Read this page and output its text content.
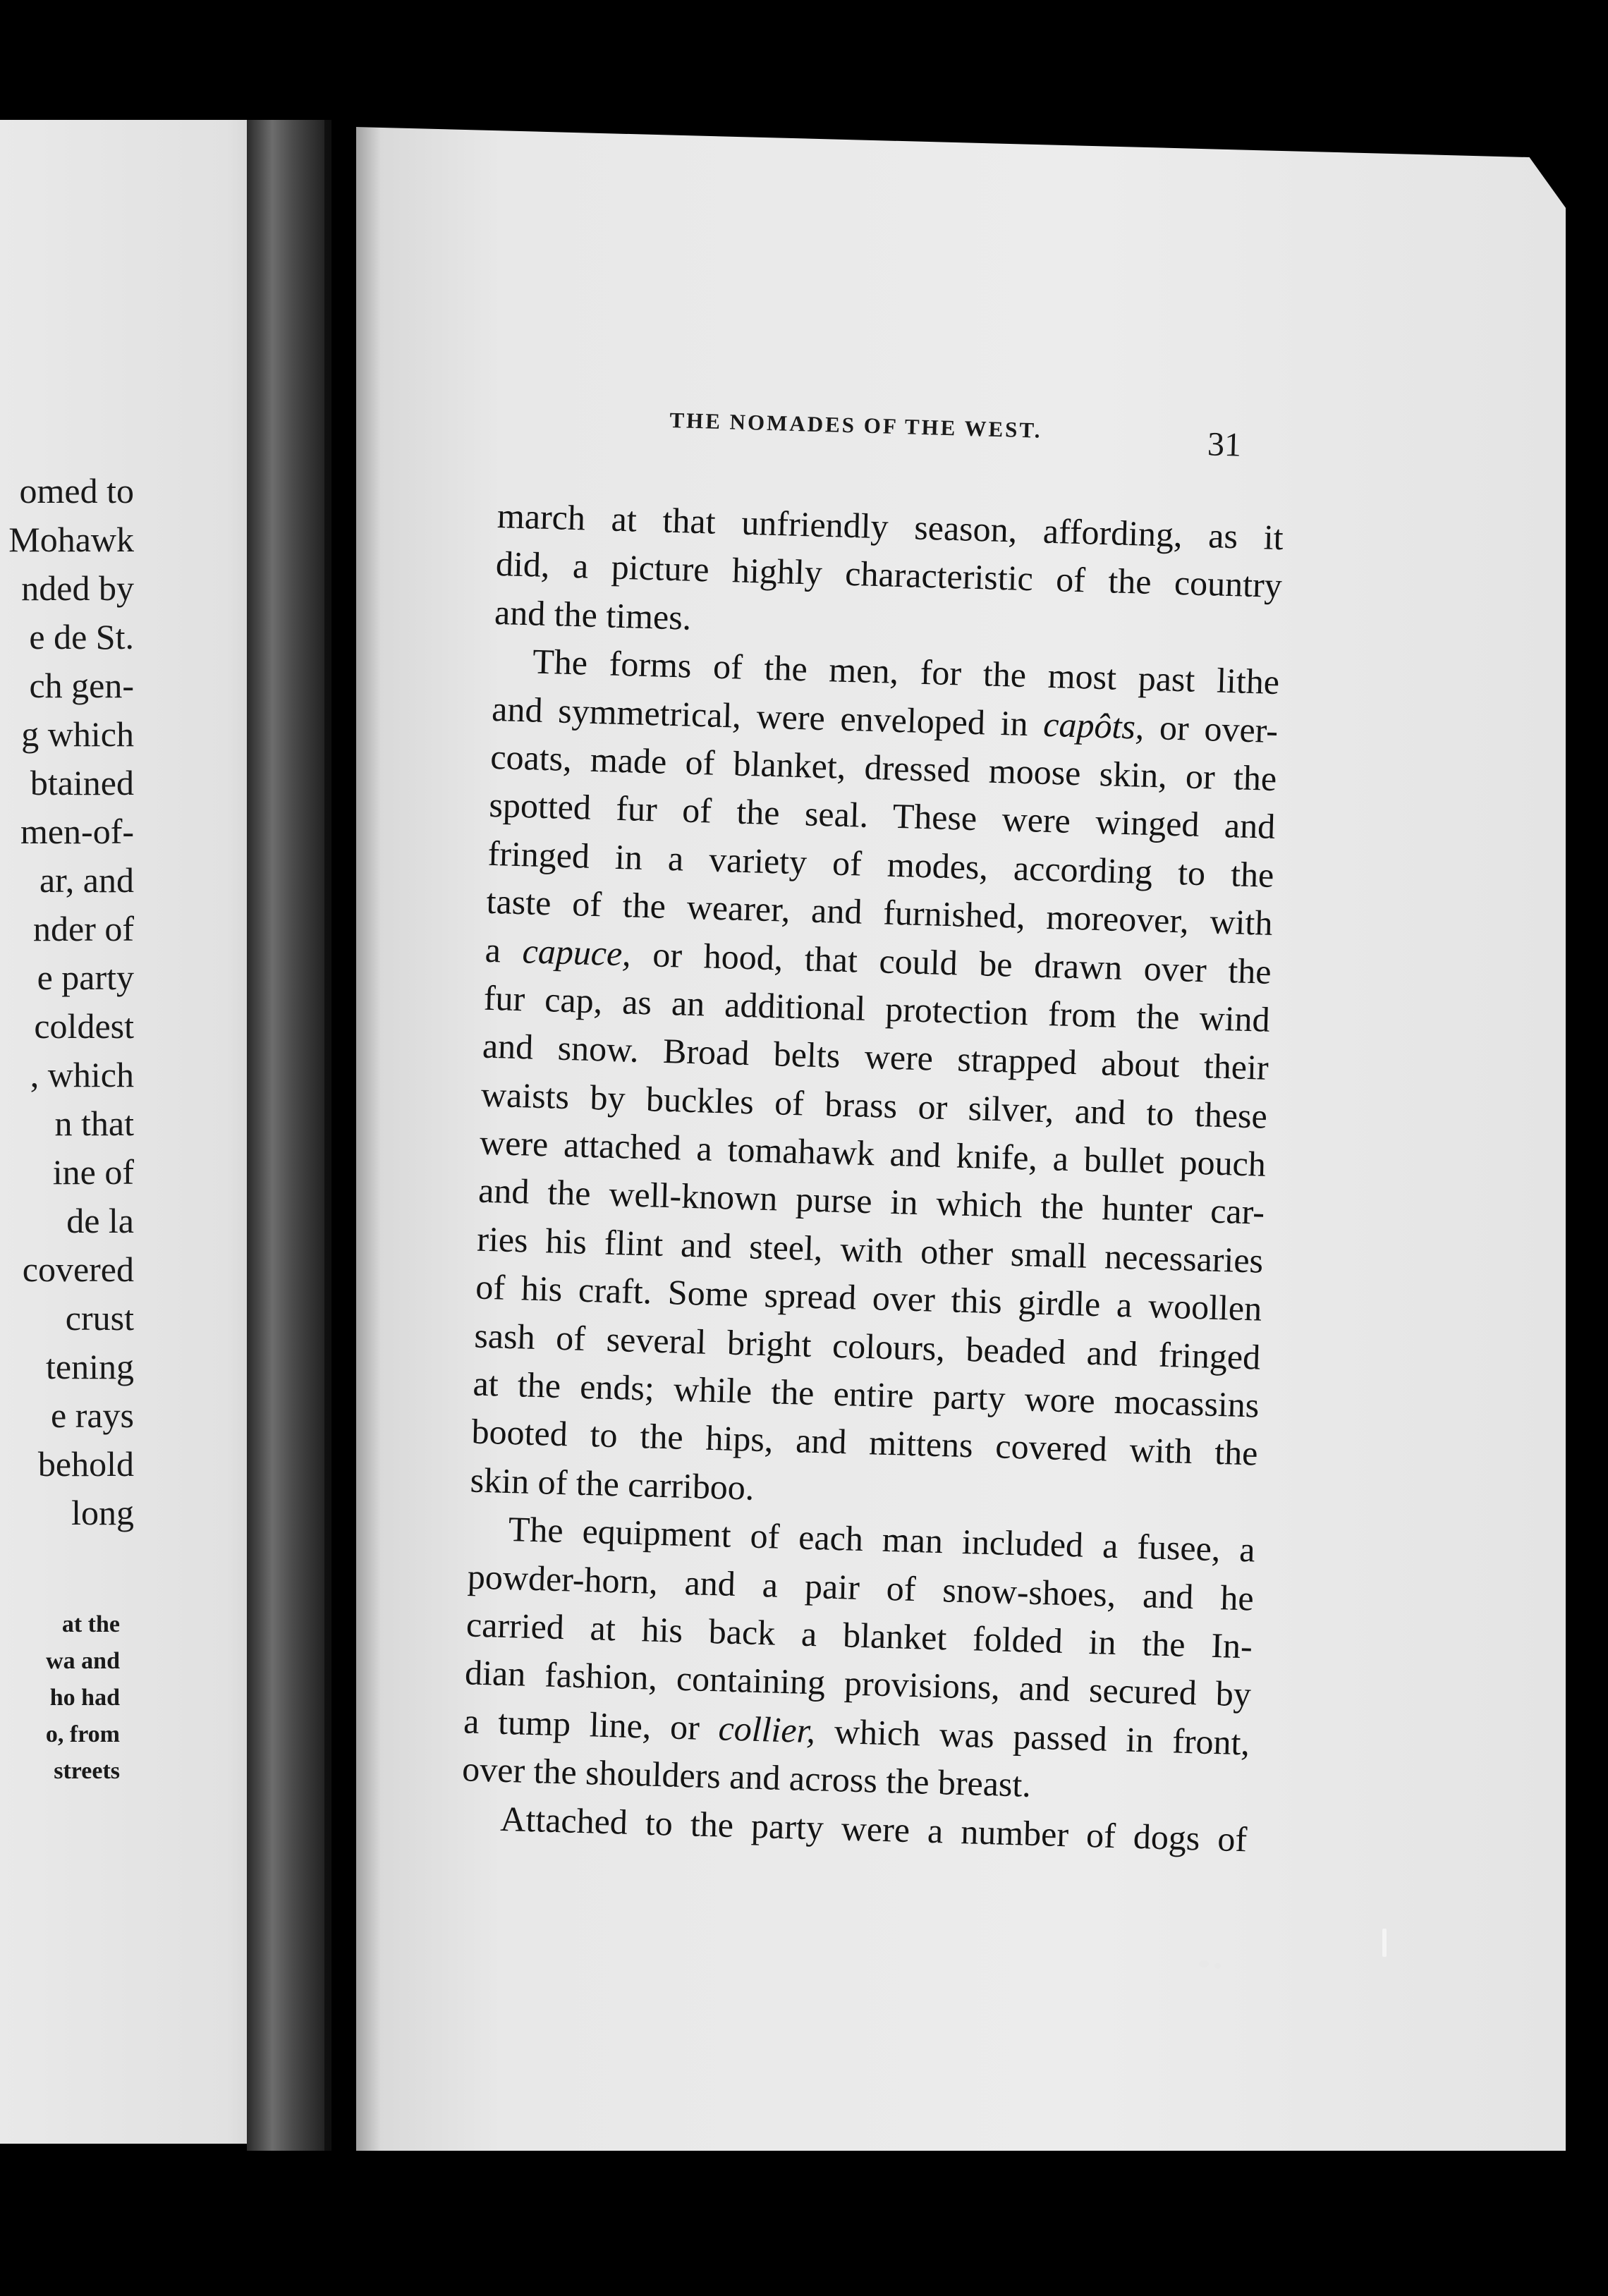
omed to
Mohawk
nded by
e de St.
ch gen-
g which
btained
men-of-
ar, and
nder of
e party
coldest
, which
n that
ine of
de la
covered
crust
tening
e rays
behold
long
at the
wa and
ho had
o, from
streets
THE NOMADES OF THE WEST.
31
march at that unfriendly season, affording, as it
did, a picture highly characteristic of the country
and the times.
The forms of the men, for the most past lithe
and symmetrical, were enveloped in capôts, or over-
coats, made of blanket, dressed moose skin, or the
spotted fur of the seal. These were winged and
fringed in a variety of modes, according to the
taste of the wearer, and furnished, moreover, with
a capuce, or hood, that could be drawn over the
fur cap, as an additional protection from the wind
and snow. Broad belts were strapped about their
waists by buckles of brass or silver, and to these
were attached a tomahawk and knife, a bullet pouch
and the well-known purse in which the hunter car-
ries his flint and steel, with other small necessaries
of his craft. Some spread over this girdle a woollen
sash of several bright colours, beaded and fringed
at the ends; while the entire party wore mocassins
booted to the hips, and mittens covered with the
skin of the carriboo.
The equipment of each man included a fusee, a
powder-horn, and a pair of snow-shoes, and he
carried at his back a blanket folded in the In-
dian fashion, containing provisions, and secured by
a tump line, or collier, which was passed in front,
over the shoulders and across the breast.
Attached to the party were a number of dogs of
